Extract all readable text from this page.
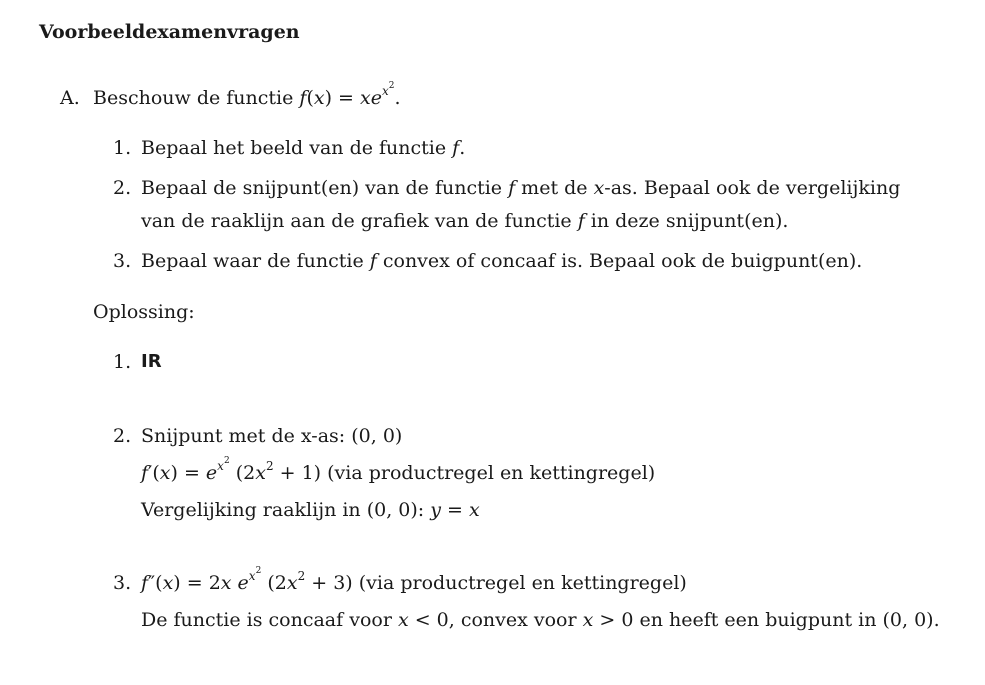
Voorbeeldexamenvragen
A. Beschouw de functie $f(x) = xe^{x^2}$.
1. Bepaal het beeld van de functie f.
2. Bepaal de snijpunt(en) van de functie f met de x-as. Bepaal ook de vergelijking
van de raaklijn aan de grafiek van de functie f in deze snijpunt(en).
3. Bepaal waar de functie f convex of concaaf is. Bepaal ook de buigpunt(en).
Oplossing:
1. IR
2. Snijpunt met de x-as: (0, 0)
$f'(x) = e^{x^2}$ $(2x^2 + 1)$ (via productregel en kettingregel)
Vergelijking raaklijn in (0, 0): y = x
3. f″(x) = 2x $e^{x^2}$ $(2x^2 + 3)$ (via productregel en kettingregel)
De functie is concaaf voor x < 0, convex voor x > 0 en heeft een buigpunt in (0, 0).
